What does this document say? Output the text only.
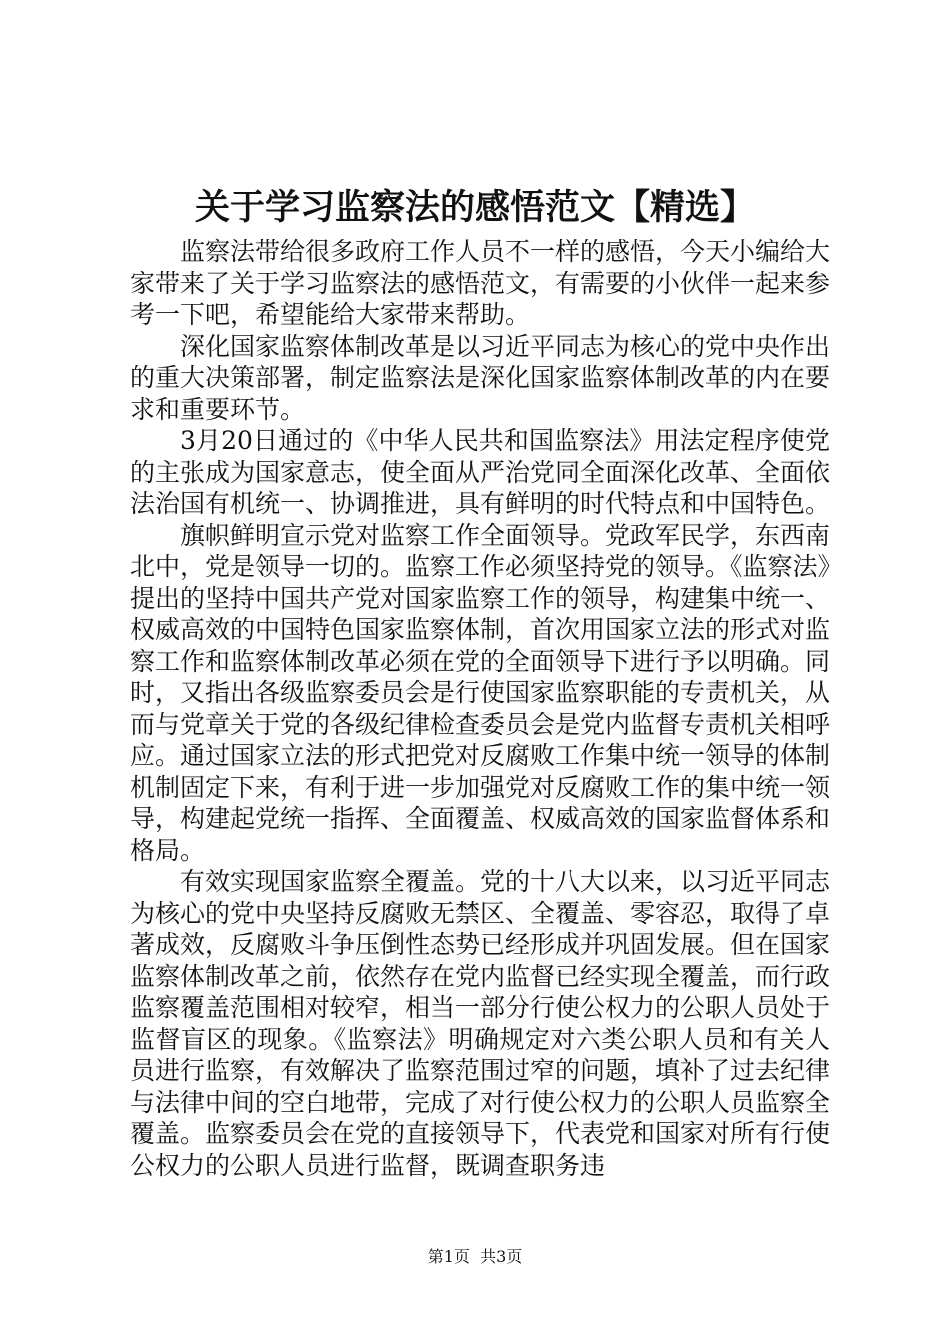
关于学习监察法的感悟范文【精选】

监察法带给很多政府工作人员不一样的感悟，今天小编给大家带来了关于学习监察法的感悟范文，有需要的小伙伴一起来参考一下吧，希望能给大家带来帮助。

深化国家监察体制改革是以习近平同志为核心的党中央作出的重大决策部署，制定监察法是深化国家监察体制改革的内在要求和重要环节。

3月20日通过的《中华人民共和国监察法》用法定程序使党的主张成为国家意志，使全面从严治党同全面深化改革、全面依法治国有机统一、协调推进，具有鲜明的时代特点和中国特色。

旗帜鲜明宣示党对监察工作全面领导。党政军民学，东西南北中，党是领导一切的。监察工作必须坚持党的领导。《监察法》提出的坚持中国共产党对国家监察工作的领导，构建集中统一、权威高效的中国特色国家监察体制，首次用国家立法的形式对监察工作和监察体制改革必须在党的全面领导下进行予以明确。同时，又指出各级监察委员会是行使国家监察职能的专责机关，从而与党章关于党的各级纪律检查委员会是党内监督专责机关相呼应。通过国家立法的形式把党对反腐败工作集中统一领导的体制机制固定下来，有利于进一步加强党对反腐败工作的集中统一领导，构建起党统一指挥、全面覆盖、权威高效的国家监督体系和格局。

有效实现国家监察全覆盖。党的十八大以来，以习近平同志为核心的党中央坚持反腐败无禁区、全覆盖、零容忍，取得了卓著成效，反腐败斗争压倒性态势已经形成并巩固发展。但在国家监察体制改革之前，依然存在党内监督已经实现全覆盖，而行政监察覆盖范围相对较窄，相当一部分行使公权力的公职人员处于监督盲区的现象。《监察法》明确规定对六类公职人员和有关人员进行监察，有效解决了监察范围过窄的问题，填补了过去纪律与法律中间的空白地带，完成了对行使公权力的公职人员监察全覆盖。监察委员会在党的直接领导下，代表党和国家对所有行使公权力的公职人员进行监督，既调查职务违

第1页 共3页
